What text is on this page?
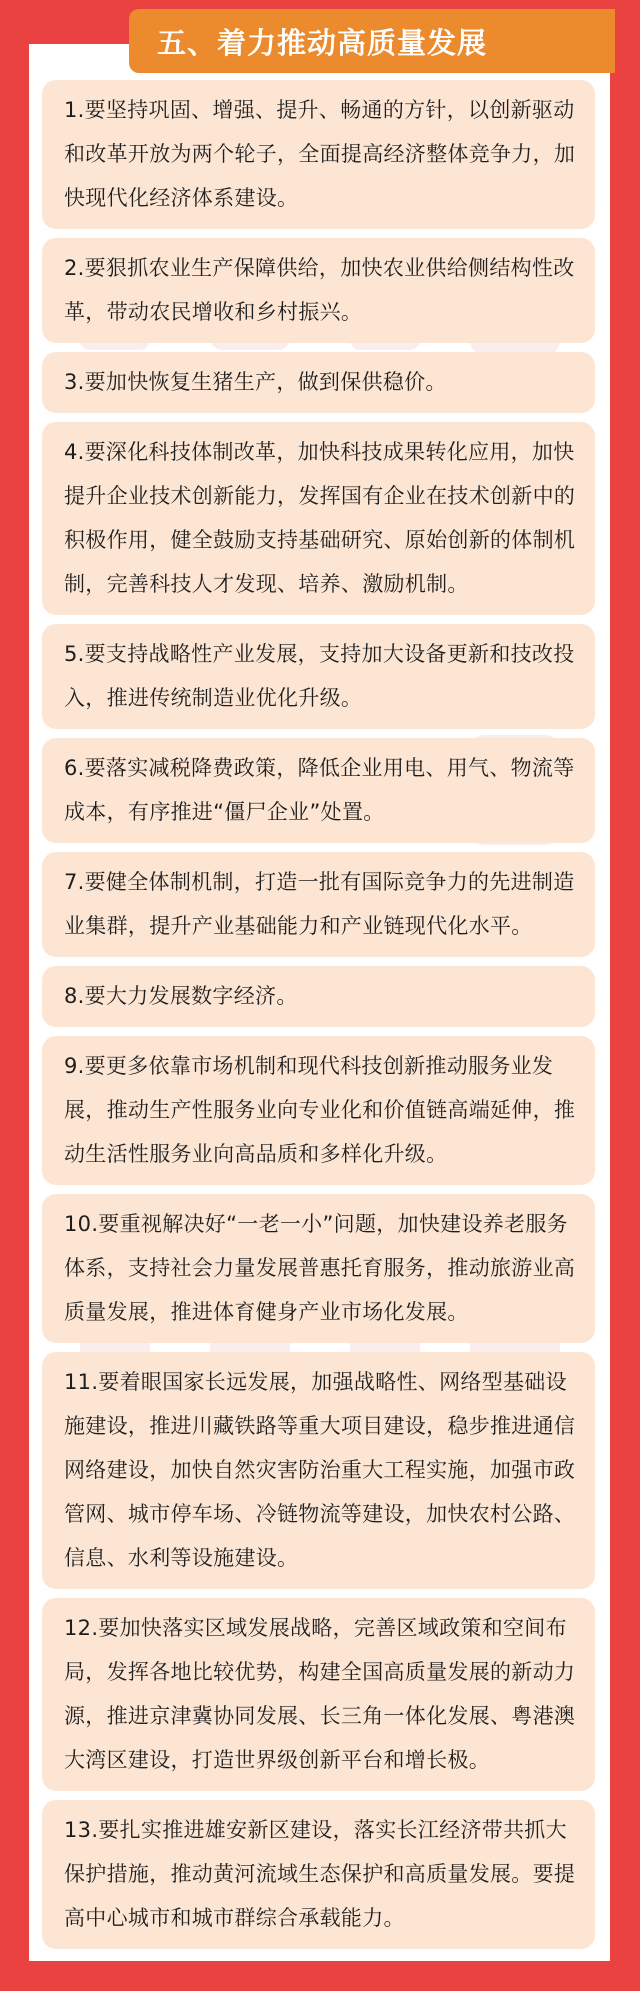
五、着力推动高质量发展
1.要坚持巩固、增强、提升、畅通的方针，以创新驱动和改革开放为两个轮子，全面提高经济整体竞争力，加快现代化经济体系建设。
2.要狠抓农业生产保障供给，加快农业供给侧结构性改革，带动农民增收和乡村振兴。
3.要加快恢复生猪生产，做到保供稳价。
4.要深化科技体制改革，加快科技成果转化应用，加快提升企业技术创新能力，发挥国有企业在技术创新中的积极作用，健全鼓励支持基础研究、原始创新的体制机制，完善科技人才发现、培养、激励机制。
5.要支持战略性产业发展，支持加大设备更新和技改投入，推进传统制造业优化升级。
6.要落实减税降费政策，降低企业用电、用气、物流等成本，有序推进“僵尸企业”处置。
7.要健全体制机制，打造一批有国际竞争力的先进制造业集群，提升产业基础能力和产业链现代化水平。
8.要大力发展数字经济。
9.要更多依靠市场机制和现代科技创新推动服务业发展，推动生产性服务业向专业化和价值链高端延伸，推动生活性服务业向高品质和多样化升级。
10.要重视解决好“一老一小”问题，加快建设养老服务体系，支持社会力量发展普惠托育服务，推动旅游业高质量发展，推进体育健身产业市场化发展。
11.要着眼国家长远发展，加强战略性、网络型基础设施建设，推进川藏铁路等重大项目建设，稳步推进通信网络建设，加快自然灾害防治重大工程实施，加强市政管网、城市停车场、冷链物流等建设，加快农村公路、信息、水利等设施建设。
12.要加快落实区域发展战略，完善区域政策和空间布局，发挥各地比较优势，构建全国高质量发展的新动力源，推进京津冀协同发展、长三角一体化发展、粤港澳大湾区建设，打造世界级创新平台和增长极。
13.要扎实推进雄安新区建设，落实长江经济带共抓大保护措施，推动黄河流域生态保护和高质量发展。要提高中心城市和城市群综合承载能力。
